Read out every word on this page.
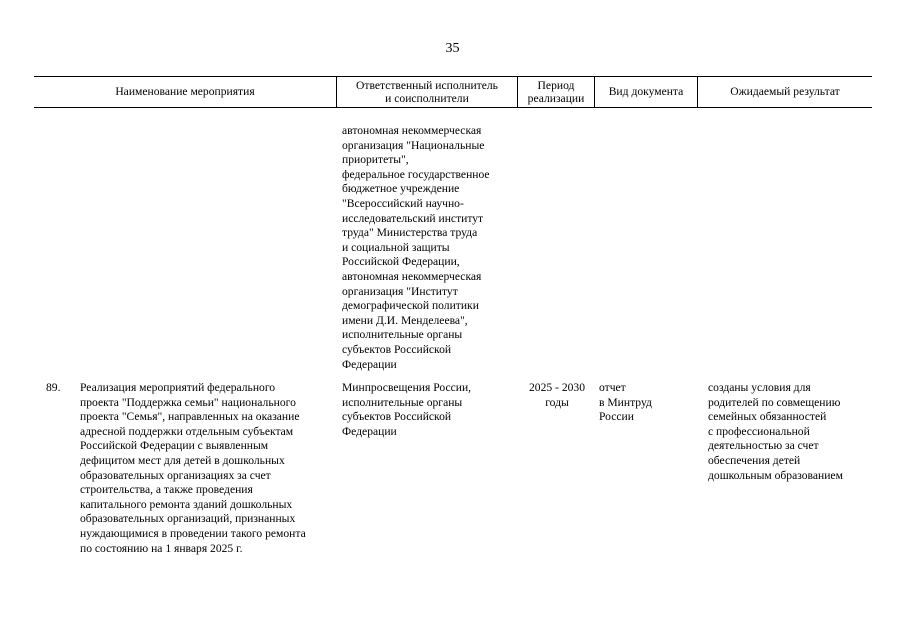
35
Наименование мероприятия
Ответственный исполнитель
и соисполнители
Период
реализации
Вид документа	Ожидаемый результат
автономная некоммерческая
организация "Национальные
приоритеты",
федеральное государственное
бюджетное учреждение
"Всероссийский научно-
исследовательский институт
труда" Министерства труда
и социальной защиты
Российской Федерации,
автономная некоммерческая
организация "Институт
демографической политики
имени Д.И. Менделеева",
исполнительные органы
субъектов Российской
Федерации
89.	Реализация мероприятий федерального
проекта "Поддержка семьи" национального
проекта "Семья", направленных на оказание
адресной поддержки отдельным субъектам
Российской Федерации с выявленным
дефицитом мест для детей в дошкольных
образовательных организациях за счет
строительства, а также проведения
капитального ремонта зданий дошкольных
образовательных организаций, признанных
нуждающимися в проведении такого ремонта
по состоянию на 1 января 2025 г.
Минпросвещения России,
исполнительные органы
субъектов Российской
Федерации
2025 - 2030
годы
отчет
в Минтруд
России
созданы условия для
родителей по совмещению
семейных обязанностей
с профессиональной
деятельностью за счет
обеспечения детей
дошкольным образованием
